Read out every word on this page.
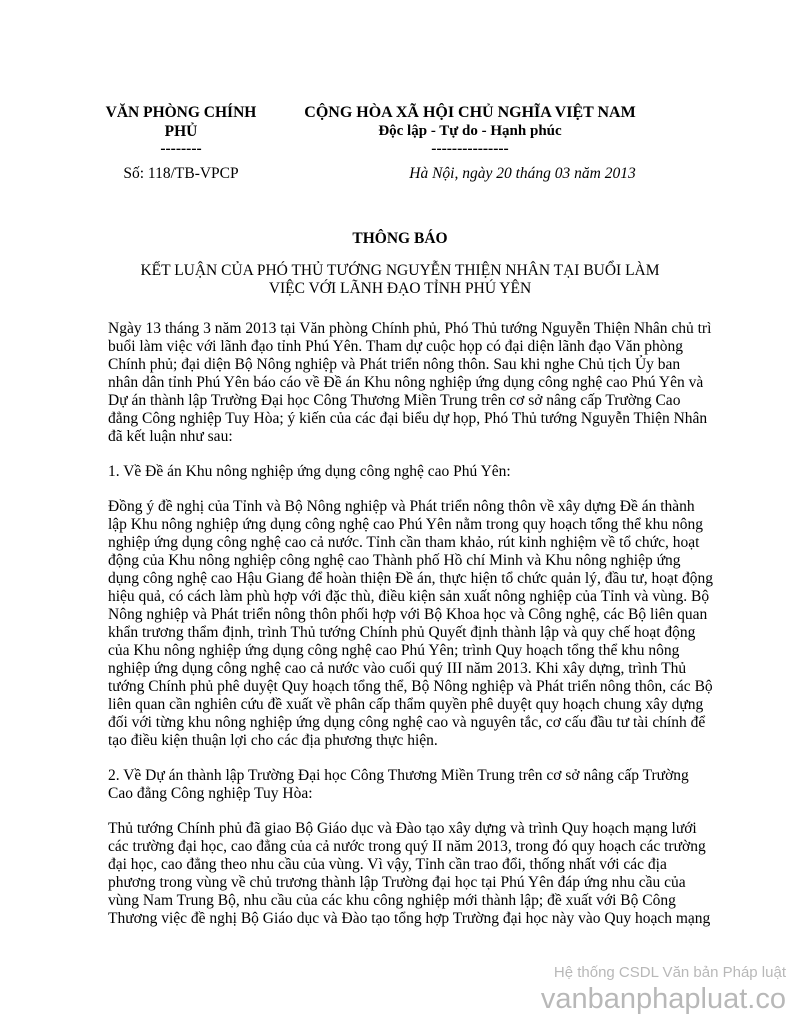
VĂN PHÒNG CHÍNH
PHỦ
--------
CỘNG HÒA XÃ HỘI CHỦ NGHĨA VIỆT NAM
Độc lập - Tự do - Hạnh phúc
---------------
Số: 118/TB-VPCP	Hà Nội, ngày 20 tháng 03 năm 2013
THÔNG BÁO
KẾT LUẬN CỦA PHÓ THỦ TƯỚNG NGUYỄN THIỆN NHÂN TẠI BUỔI LÀM VIỆC VỚI LÃNH ĐẠO TỈNH PHÚ YÊN

Ngày 13 tháng 3 năm 2013 tại Văn phòng Chính phủ, Phó Thủ tướng Nguyễn Thiện Nhân chủ trì buổi làm việc với lãnh đạo tỉnh Phú Yên. Tham dự cuộc họp có đại diện lãnh đạo Văn phòng Chính phủ; đại diện Bộ Nông nghiệp và Phát triển nông thôn. Sau khi nghe Chủ tịch Ủy ban nhân dân tỉnh Phú Yên báo cáo về Đề án Khu nông nghiệp ứng dụng công nghệ cao Phú Yên và Dự án thành lập Trường Đại học Công Thương Miền Trung trên cơ sở nâng cấp Trường Cao đẳng Công nghiệp Tuy Hòa; ý kiến của các đại biểu dự họp, Phó Thủ tướng Nguyễn Thiện Nhân đã kết luận như sau:

1. Về Đề án Khu nông nghiệp ứng dụng công nghệ cao Phú Yên:

Đồng ý đề nghị của Tỉnh và Bộ Nông nghiệp và Phát triển nông thôn về xây dựng Đề án thành lập Khu nông nghiệp ứng dụng công nghệ cao Phú Yên nằm trong quy hoạch tổng thể khu nông nghiệp ứng dụng công nghệ cao cả nước. Tỉnh cần tham khảo, rút kinh nghiệm về tổ chức, hoạt động của Khu nông nghiệp công nghệ cao Thành phố Hồ chí Minh và Khu nông nghiệp ứng dụng công nghệ cao Hậu Giang để hoàn thiện Đề án, thực hiện tổ chức quản lý, đầu tư, hoạt động hiệu quả, có cách làm phù hợp với đặc thù, điều kiện sản xuất nông nghiệp của Tỉnh và vùng. Bộ Nông nghiệp và Phát triển nông thôn phối hợp với Bộ Khoa học và Công nghệ, các Bộ liên quan khẩn trương thẩm định, trình Thủ tướng Chính phủ Quyết định thành lập và quy chế hoạt động của Khu nông nghiệp ứng dụng công nghệ cao Phú Yên; trình Quy hoạch tổng thể khu nông nghiệp ứng dụng công nghệ cao cả nước vào cuối quý III năm 2013. Khi xây dựng, trình Thủ tướng Chính phủ phê duyệt Quy hoạch tổng thể, Bộ Nông nghiệp và Phát triển nông thôn, các Bộ liên quan cần nghiên cứu đề xuất về phân cấp thẩm quyền phê duyệt quy hoạch chung xây dựng đối với từng khu nông nghiệp ứng dụng công nghệ cao và nguyên tắc, cơ cấu đầu tư tài chính để tạo điều kiện thuận lợi cho các địa phương thực hiện.

2. Về Dự án thành lập Trường Đại học Công Thương Miền Trung trên cơ sở nâng cấp Trường Cao đẳng Công nghiệp Tuy Hòa:

Thủ tướng Chính phủ đã giao Bộ Giáo dục và Đào tạo xây dựng và trình Quy hoạch mạng lưới các trường đại học, cao đẳng của cả nước trong quý II năm 2013, trong đó quy hoạch các trường đại học, cao đẳng theo nhu cầu của vùng. Vì vậy, Tỉnh cần trao đổi, thống nhất với các địa phương trong vùng về chủ trương thành lập Trường đại học tại Phú Yên đáp ứng nhu cầu của vùng Nam Trung Bộ, nhu cầu của các khu công nghiệp mới thành lập; đề xuất với Bộ Công Thương việc đề nghị Bộ Giáo dục và Đào tạo tổng hợp Trường đại học này vào Quy hoạch mạng

Hệ thống CSDL Văn bản Pháp luật
vanbanphapluat.co
